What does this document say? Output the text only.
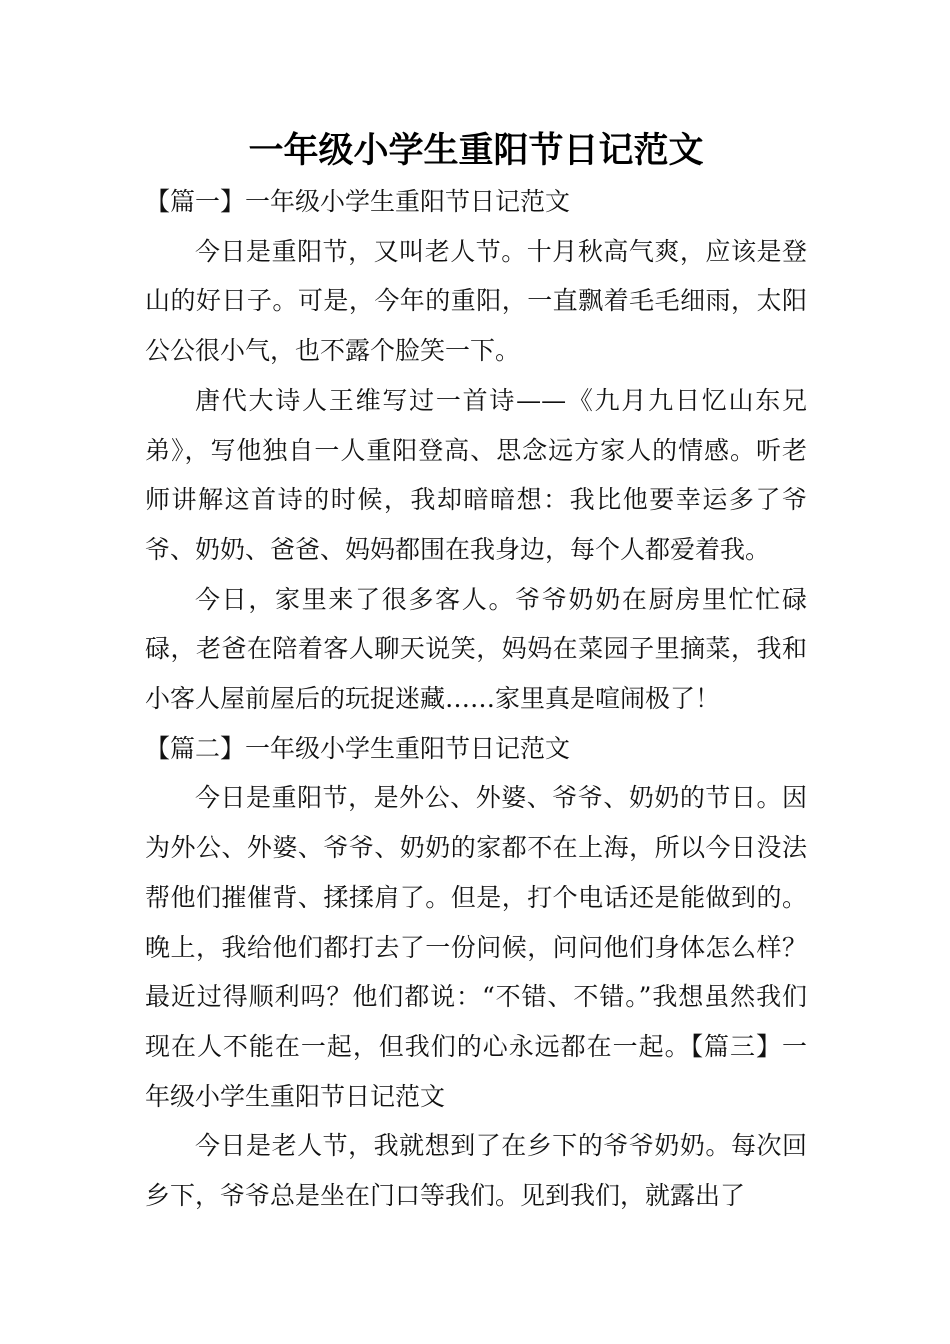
一年级小学生重阳节日记范文

【篇一】一年级小学生重阳节日记范文

今日是重阳节，又叫老人节。十月秋高气爽，应该是登山的好日子。可是，今年的重阳，一直飘着毛毛细雨，太阳公公很小气，也不露个脸笑一下。

唐代大诗人王维写过一首诗——《九月九日忆山东兄弟》，写他独自一人重阳登高、思念远方家人的情感。听老师讲解这首诗的时候，我却暗暗想：我比他要幸运多了爷爷、奶奶、爸爸、妈妈都围在我身边，每个人都爱着我。

今日，家里来了很多客人。爷爷奶奶在厨房里忙忙碌碌，老爸在陪着客人聊天说笑，妈妈在菜园子里摘菜，我和小客人屋前屋后的玩捉迷藏……家里真是喧闹极了！

【篇二】一年级小学生重阳节日记范文

今日是重阳节，是外公、外婆、爷爷、奶奶的节日。因为外公、外婆、爷爷、奶奶的家都不在上海，所以今日没法帮他们摧催背、揉揉肩了。但是，打个电话还是能做到的。晚上，我给他们都打去了一份问候，问问他们身体怎么样？最近过得顺利吗？他们都说：“不错、不错。”我想虽然我们现在人不能在一起，但我们的心永远都在一起。【篇三】一年级小学生重阳节日记范文

今日是老人节，我就想到了在乡下的爷爷奶奶。每次回乡下，爷爷总是坐在门口等我们。见到我们，就露出了
